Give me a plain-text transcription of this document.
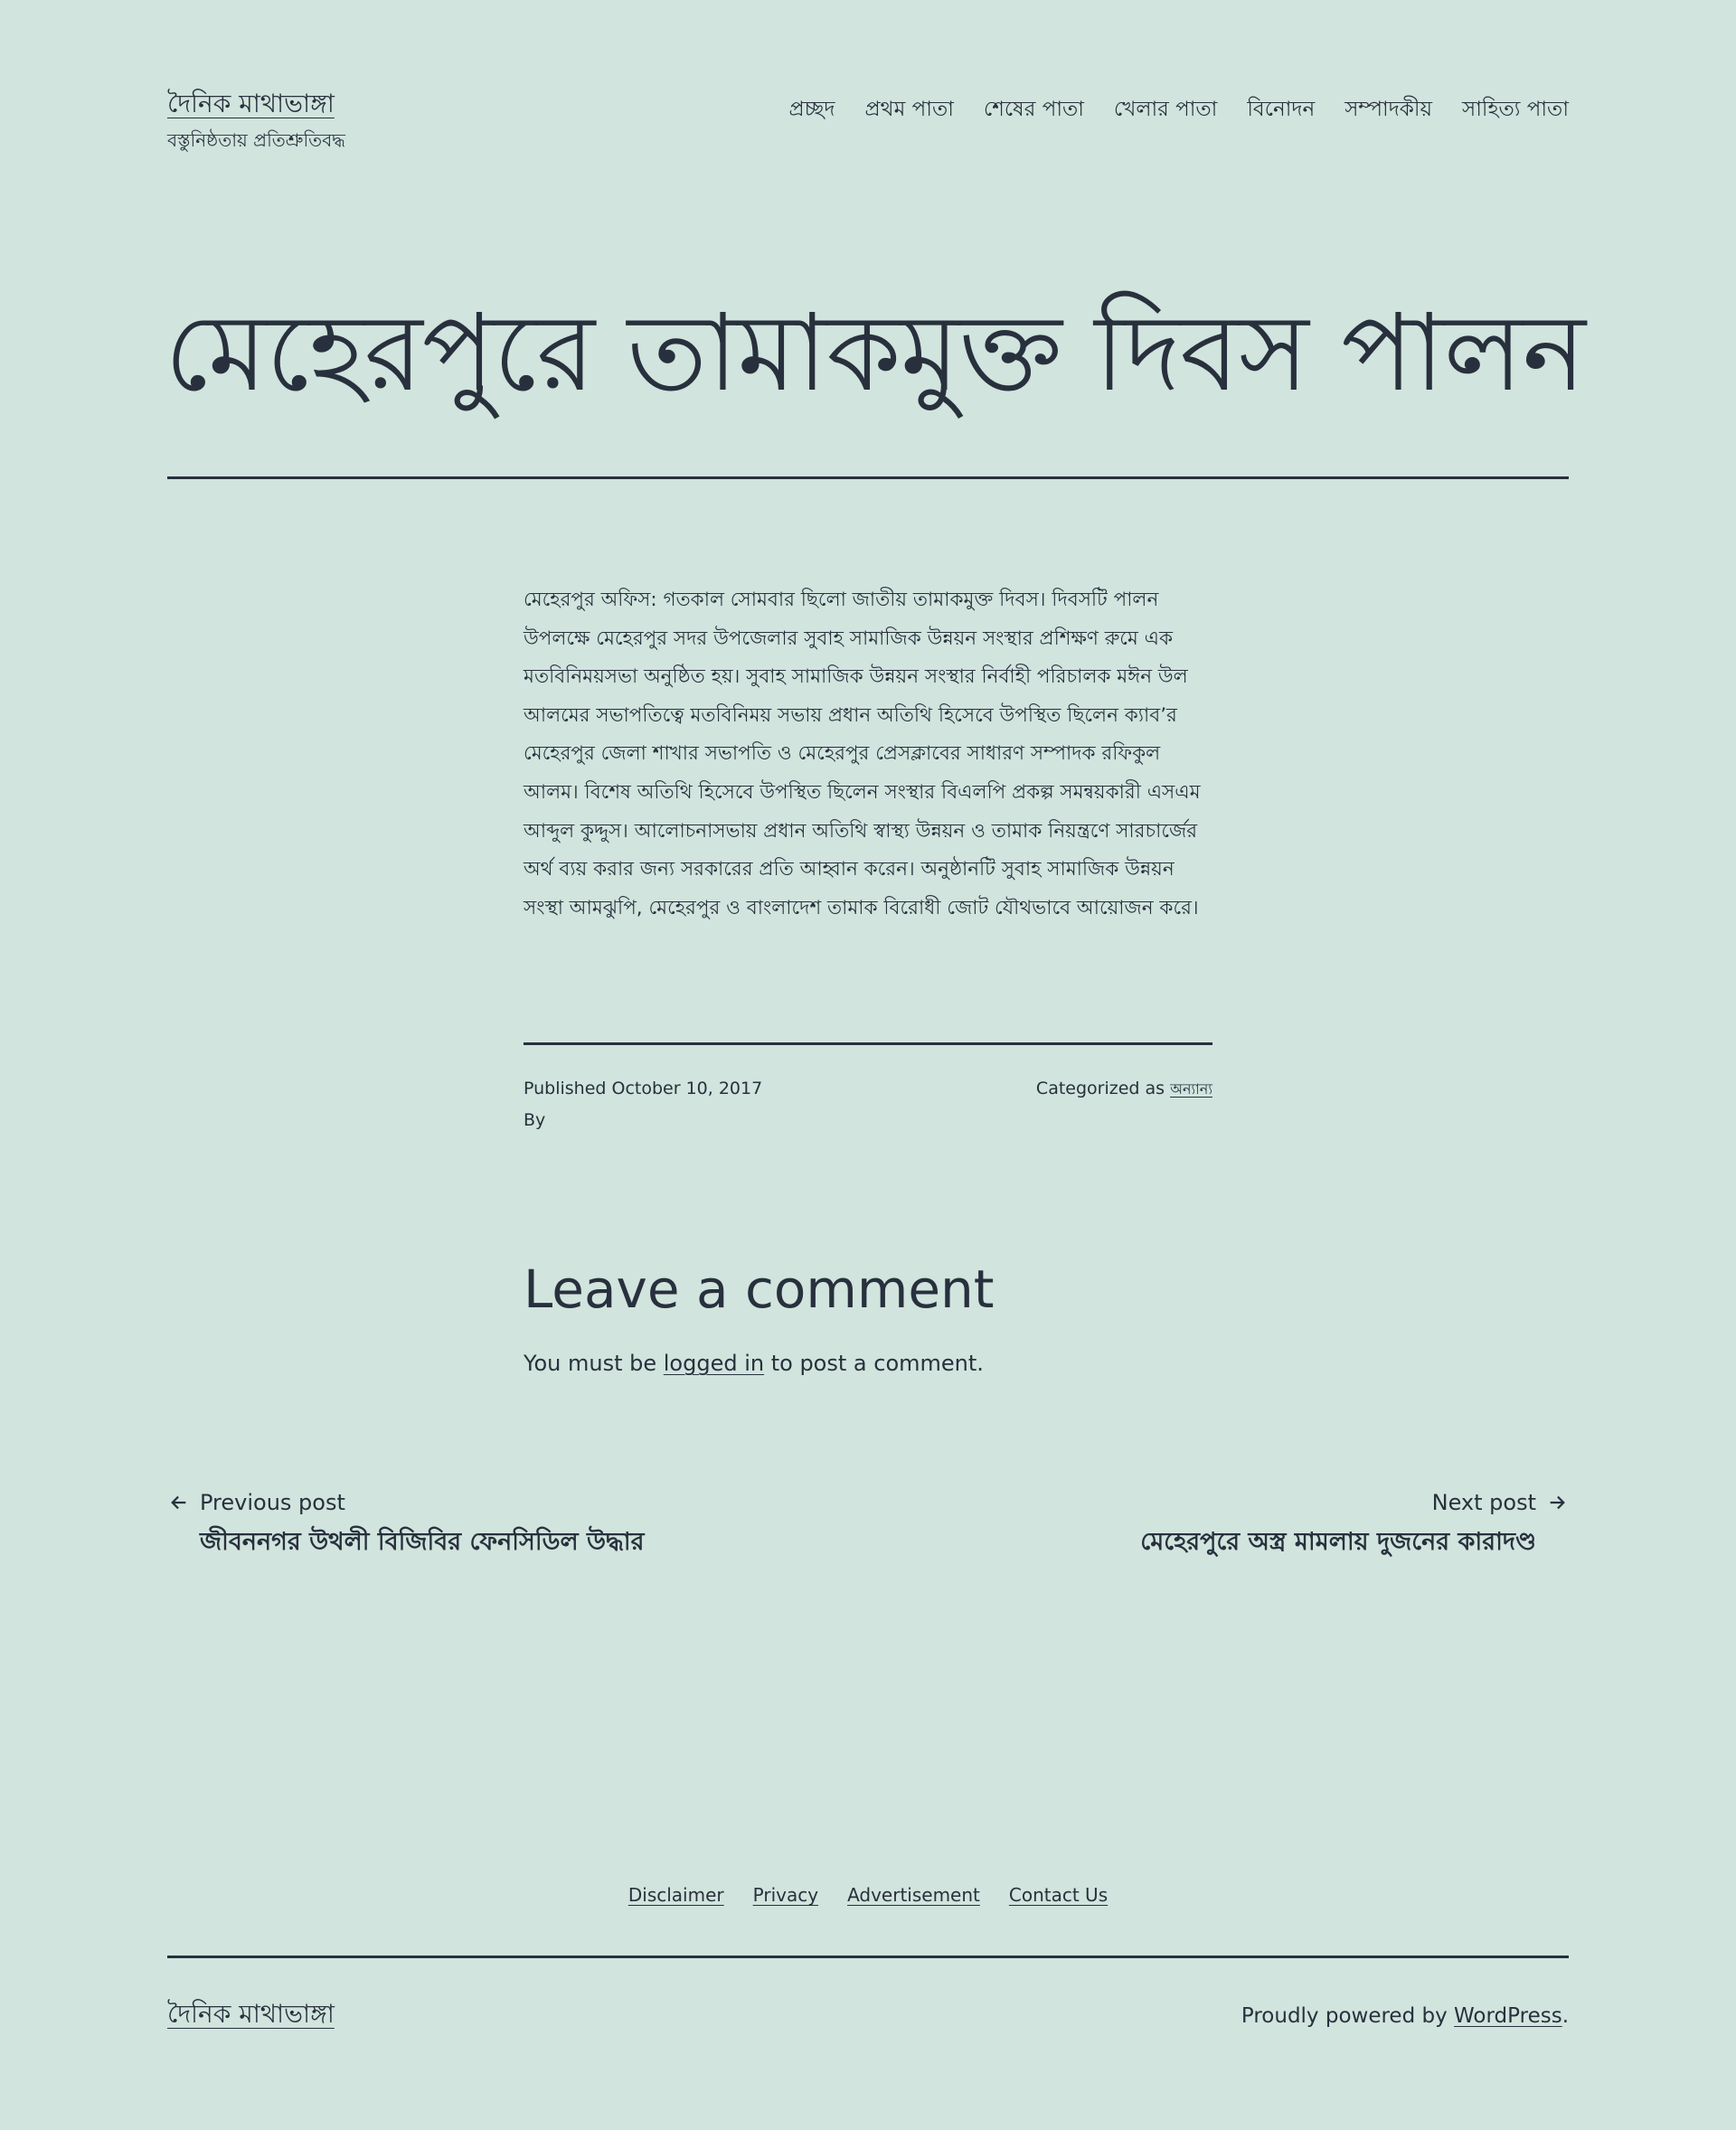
দৈনিক মাথাভাঙ্গা
বস্তুনিষ্ঠতায় প্রতিশ্রুতিবদ্ধ
প্রচ্ছদ প্রথম পাতা শেষের পাতা খেলার পাতা বিনোদন সম্পাদকীয় সাহিত্য পাতা
মেহেরপুরে তামাকমুক্ত দিবস পালন

মেহেরপুর অফিস: গতকাল সোমবার ছিলো জাতীয় তামাকমুক্ত দিবস। দিবসটি পালন উপলক্ষে মেহেরপুর সদর উপজেলার সুবাহ সামাজিক উন্নয়ন সংস্থার প্রশিক্ষণ রুমে এক মতবিনিময়সভা অনুষ্ঠিত হয়। সুবাহ সামাজিক উন্নয়ন সংস্থার নির্বাহী পরিচালক মঈন উল আলমের সভাপতিত্বে মতবিনিময় সভায় প্রধান অতিথি হিসেবে উপস্থিত ছিলেন ক্যাব’র মেহেরপুর জেলা শাখার সভাপতি ও মেহেরপুর প্রেসক্লাবের সাধারণ সম্পাদক রফিকুল আলম। বিশেষ অতিথি হিসেবে উপস্থিত ছিলেন সংস্থার বিএলপি প্রকল্প সমন্বয়কারী এসএম আব্দুল কুদ্দুস। আলোচনাসভায় প্রধান অতিথি স্বাস্থ্য উন্নয়ন ও তামাক নিয়ন্ত্রণে সারচার্জের অর্থ ব্যয় করার জন্য সরকারের প্রতি আহ্বান করেন। অনুষ্ঠানটি সুবাহ সামাজিক উন্নয়ন সংস্থা আমঝুপি, মেহেরপুর ও বাংলাদেশ তামাক বিরোধী জোট যৌথভাবে আয়োজন করে।

Published October 10, 2017
By
Categorized as অন্যান্য
Leave a comment

You must be logged in to post a comment.

Previous post
জীবননগর উথলী বিজিবির ফেনসিডিল উদ্ধার
Next post
মেহেরপুরে অস্ত্র মামলায় দুজনের কারাদণ্ড
Disclaimer Privacy Advertisement Contact Us
দৈনিক মাথাভাঙ্গা	Proudly powered by WordPress.
